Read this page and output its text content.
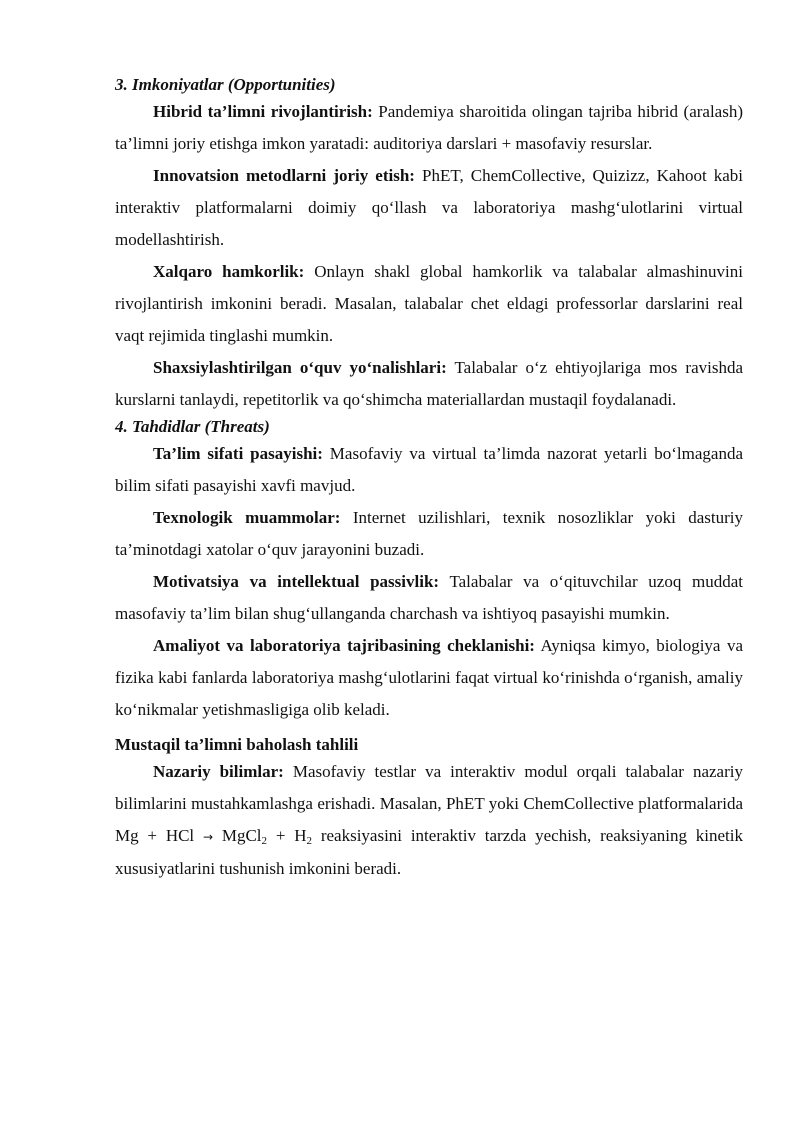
3. Imkoniyatlar (Opportunities)

Hibrid ta’limni rivojlantirish: Pandemiya sharoitida olingan tajriba hibrid (aralash) ta’limni joriy etishga imkon yaratadi: auditoriya darslari + masofaviy resurslar.

Innovatsion metodlarni joriy etish: PhET, ChemCollective, Quizizz, Kahoot kabi interaktiv platformalarni doimiy qo‘llash va laboratoriya mashg‘ulotlarini virtual modellashtirish.

Xalqaro hamkorlik: Onlayn shakl global hamkorlik va talabalar almashinuvini rivojlantirish imkonini beradi. Masalan, talabalar chet eldagi professorlar darslarini real vaqt rejimida tinglashi mumkin.

Shaxsiylashtirilgan o‘quv yo‘nalishlari: Talabalar o‘z ehtiyojlariga mos ravishda kurslarni tanlaydi, repetitorlik va qo‘shimcha materiallardan mustaqil foydalanadi.

4. Tahdidlar (Threats)

Ta’lim sifati pasayishi: Masofaviy va virtual ta’limda nazorat yetarli bo‘lmaganda bilim sifati pasayishi xavfi mavjud.

Texnologik muammolar: Internet uzilishlari, texnik nosozliklar yoki dasturiy ta’minotdagi xatolar o‘quv jarayonini buzadi.

Motivatsiya va intellektual passivlik: Talabalar va o‘qituvchilar uzoq muddat masofaviy ta’lim bilan shug‘ullanganda charchash va ishtiyoq pasayishi mumkin.

Amaliyot va laboratoriya tajribasining cheklanishi: Ayniqsa kimyo, biologiya va fizika kabi fanlarda laboratoriya mashg‘ulotlarini faqat virtual ko‘rinishda o‘rganish, amaliy ko‘nikmalar yetishmasligiga olib keladi.

Mustaqil ta’limni baholash tahlili

Nazariy bilimlar: Masofaviy testlar va interaktiv modul orqali talabalar nazariy bilimlarini mustahkamlashga erishadi. Masalan, PhET yoki ChemCollective platformalarida Mg + HCl → MgCl$_2$ + $H_2$ reaksiyasini interaktiv tarzda yechish, reaksiyaning kinetik xususiyatlarini tushunish imkonini beradi.
